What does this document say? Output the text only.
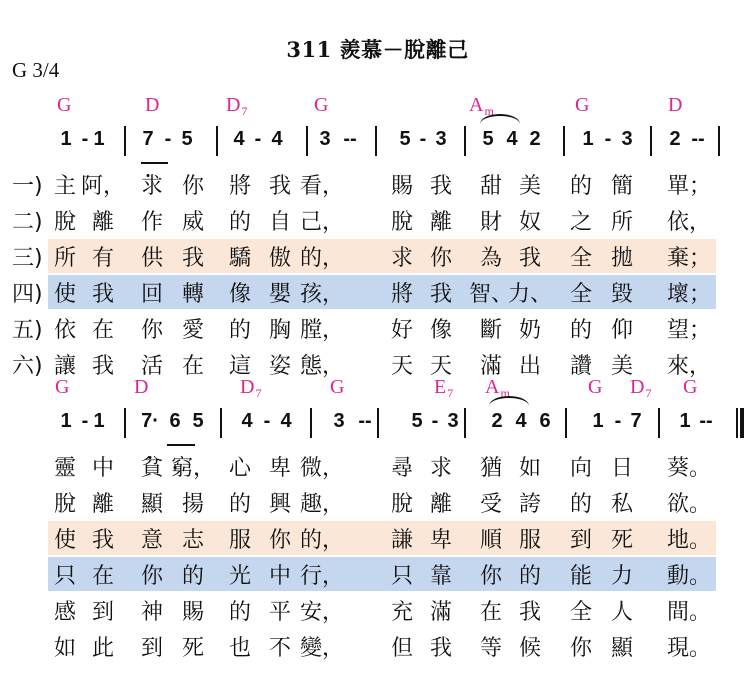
311 羨慕－脫離己
G 3/4
G	D	$D_7$	G	$A_m$	G	D
1 - 1 7 - 5 4 - 4 3 -- 5 - 3 5 4 2 1 - 3 2 --
一) 主 阿， 求 你 將 我 看， 賜 我 甜 美 的 簡 單；
二) 脫 離 作 威 的 自 己， 脫 離 財 奴 之 所 依，
三) 所 有 供 我 驕 傲 的， 求 你 為 我 全 拋 棄；
四) 使 我 回 轉 像 嬰 孩， 將 我 智、
力、 全 毀 壞；
五) 依 在 你 愛 的 胸 膛， 好 像 斷 奶 的 仰 望；
六) 讓 我 活 在 這 姿 態， 天 天 滿 出 讚 美 來，
G	D	$D_7$	G	$E_7$ $A_m$	G $D_7$ G
1 - 1 7· 6 5 4 - 4 3 -- 5 - 3 2 4 6 1 - 7 1 --
靈 中 貧 窮， 心 卑 微， 尋 求 猶 如 向 日 葵。
脫 離 顯 揚 的 興 趣， 脫 離 受 誇 的 私 欲。
使 我 意 志 服 你 的， 謙 卑 順 服 到 死 地。
只 在 你 的 光 中 行， 只 靠 你 的 能 力 動。
感 到 神 賜 的 平 安， 充 滿 在 我 全 人 間。
如 此 到 死 也 不 變， 但 我 等 候 你 顯 現。
